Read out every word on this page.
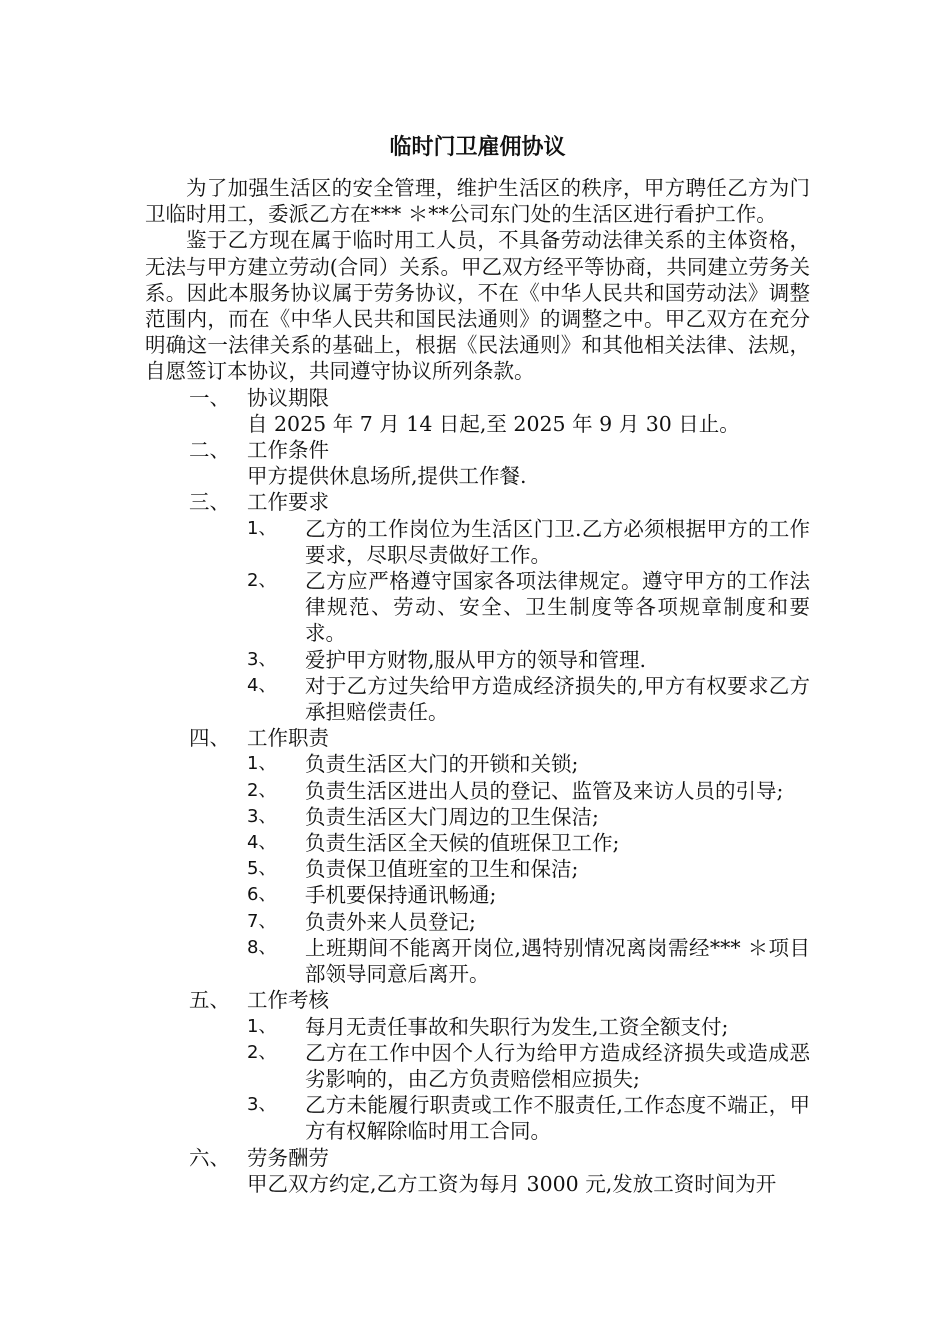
临时门卫雇佣协议

为了加强生活区的安全管理，维护生活区的秩序，甲方聘任乙方为门卫临时用工，委派乙方在*** ＊**公司东门处的生活区进行看护工作。

鉴于乙方现在属于临时用工人员，不具备劳动法律关系的主体资格，无法与甲方建立劳动(合同）关系。甲乙双方经平等协商，共同建立劳务关系。因此本服务协议属于劳务协议，不在《中华人民共和国劳动法》调整范围内，而在《中华人民共和国民法通则》的调整之中。甲乙双方在充分明确这一法律关系的基础上，根据《民法通则》和其他相关法律、法规，自愿签订本协议，共同遵守协议所列条款。

一、 协议期限

自 2025 年 7 月 14 日起,至 2025 年 9 月 30 日止。

二、 工作条件

甲方提供休息场所,提供工作餐.

三、 工作要求
1、	乙方的工作岗位为生活区门卫.乙方必须根据甲方的工作要求，尽职尽责做好工作。
2、	乙方应严格遵守国家各项法律规定。遵守甲方的工作法律规范、劳动、安全、卫生制度等各项规章制度和要求。
3、	爱护甲方财物,服从甲方的领导和管理.
4、	对于乙方过失给甲方造成经济损失的,甲方有权要求乙方承担赔偿责任。
四、 工作职责
1、	负责生活区大门的开锁和关锁;
2、	负责生活区进出人员的登记、监管及来访人员的引导;
3、	负责生活区大门周边的卫生保洁;
4、	负责生活区全天候的值班保卫工作;
5、	负责保卫值班室的卫生和保洁;
6、	手机要保持通讯畅通;
7、	负责外来人员登记;
8、	上班期间不能离开岗位,遇特别情况离岗需经*** ＊项目部领导同意后离开。
五、 工作考核
1、	每月无责任事故和失职行为发生,工资全额支付;
2、	乙方在工作中因个人行为给甲方造成经济损失或造成恶劣影响的，由乙方负责赔偿相应损失;
3、	乙方未能履行职责或工作不服责任,工作态度不端正，甲方有权解除临时用工合同。
六、 劳务酬劳

甲乙双方约定,乙方工资为每月 3000 元,发放工资时间为开
